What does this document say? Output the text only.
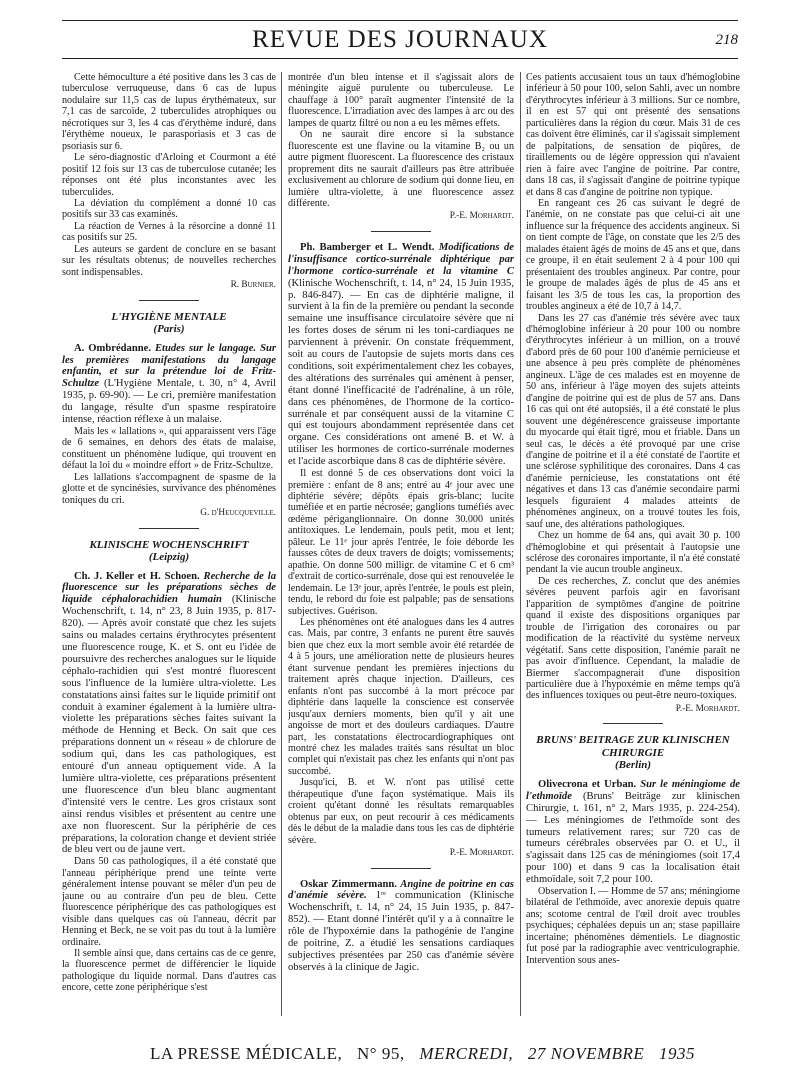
REVUE DES JOURNAUX	218

Cette hémoculture a été positive dans les 3 cas de tuberculose verruqueuse, dans 6 cas de lupus nodulaire sur 11,5 cas de lupus érythémateux, sur 7,1 cas de sarcoïde, 2 tuberculides atrophiques ou nécrotiques sur 3, les 4 cas d'érythème induré, dans l'érythème noueux, le parasporiasis et 3 cas de psoriasis sur 6.

Le séro-diagnostic d'Arloing et Courmont a été positif 12 fois sur 13 cas de tuberculose cutanée; les réponses ont été plus inconstantes avec les tuberculides.

La déviation du complément a donné 10 cas positifs sur 33 cas examinés.

La réaction de Vernes à la résorcine a donné 11 cas positifs sur 25.

Les auteurs se gardent de conclure en se basant sur les résultats obtenus; de nouvelles recherches sont indispensables.

R. Burnier.

L'HYGIÈNE MENTALE
(Paris)

A. Ombrédanne. Etudes sur le langage. Sur les premières manifestations du langage enfantin, et sur la prétendue loi de Fritz-Schultze (L'Hygiène Mentale, t. 30, n° 4, Avril 1935, p. 69-90). — Le cri, première manifestation du langage, résulte d'un spasme respiratoire intense, réaction réflexe à un malaise.

Mais les « lallations », qui apparaissent vers l'âge de 6 semaines, en dehors des états de malaise, constituent un phénomène ludique, qui trouvent en défaut la loi du « moindre effort » de Fritz-Schultze.

Les lallations s'accompagnent de spasme de la glotte et de syncinésies, survivance des phénomènes toniques du cri.

G. d'Heucqueville.

KLINISCHE WOCHENSCHRIFT
(Leipzig)

Ch. J. Keller et H. Schoen. Recherche de la fluorescence sur les préparations sèches de liquide céphalorachidien humain (Klinische Wochenschrift, t. 14, n° 23, 8 Juin 1935, p. 817-820). — Après avoir constaté que chez les sujets sains ou malades certains érythrocytes présentent une fluorescence rouge, K. et S. ont eu l'idée de poursuivre des recherches analogues sur le liquide céphalo-rachidien qui s'est montré fluorescent sous l'influence de la lumière ultra-violette. Les constatations ainsi faites sur le liquide primitif ont conduit à examiner également à la lumière ultra-violette les préparations sèches faites suivant la méthode de Henning et Beck. On sait que ces préparations donnent un « réseau » de chlorure de sodium qui, dans les cas pathologiques, est entouré d'un anneau optiquement vide. A la lumière ultra-violette, ces préparations présentent une fluorescence d'un bleu blanc augmentant d'intensité vers le centre. Les gros cristaux sont ainsi rendus visibles et présentent au centre une axe non fluorescent. Sur la périphérie de ces préparations, la coloration change et devient striée de bleu vert ou de jaune vert.

Dans 50 cas pathologiques, il a été constaté que l'anneau périphérique prend une teinte verte généralement intense pouvant se mêler d'un peu de jaune ou au contraire d'un peu de bleu. Cette fluorescence périphérique des cas pathologiques est visible dans quelques cas où l'anneau, décrit par Henning et Beck, ne se voit pas du tout à la lumière ordinaire.

Il semble ainsi que, dans certains cas de ce genre, la fluorescence permet de différencier le liquide pathologique du liquide normal. Dans d'autres cas encore, cette zone périphérique s'est

montrée d'un bleu intense et il s'agissait alors de méningite aiguë purulente ou tuberculeuse. Le chauffage à 100° paraît augmenter l'intensité de la fluorescence. L'irradiation avec des lampes à arc ou des lampes de quartz filtré ou non a eu les mêmes effets.

On ne saurait dire encore si la substance fluorescente est une flavine ou la vitamine B₂ ou un autre pigment fluorescent. La fluorescence des cristaux proprement dits ne saurait d'ailleurs pas être attribuée exclusivement au chlorure de sodium qui donne lieu, en lumière ultra-violette, à une fluorescence assez différente.

P.-E. Morhardt.

Ph. Bamberger et L. Wendt. Modifications de l'insuffisance cortico-surrénale diphtérique par l'hormone cortico-surrénale et la vitamine C (Klinische Wochenschrift, t. 14, n° 24, 15 Juin 1935, p. 846-847). — En cas de diphtérie maligne, il survient à la fin de la première ou pendant la seconde semaine une insuffisance circulatoire sévère que ni les fortes doses de sérum ni les toni-cardiaques ne parviennent à prévenir. On constate fréquemment, soit au cours de l'autopsie de sujets morts dans ces conditions, soit expérimentalement chez les cobayes, des altérations des surrénales qui amènent à penser, étant donné l'inefficacité de l'adrénaline, à un rôle, dans ces phénomènes, de l'hormone de la cortico-surrénale et par conséquent aussi de la vitamine C qui est toujours abondamment représentée dans cet organe. Ces considérations ont amené B. et W. à utiliser les hormones de cortico-surrénale modernes et l'acide ascorbique dans 8 cas de diphtérie sévère.

Il est donné 5 de ces observations dont voici la première : enfant de 8 ans; entré au 4ᵉ jour avec une diphtérie sévère; dépôts épais gris-blanc; lucite tuméfiée et en partie nécrosée; ganglions tuméfiés avec œdème périganglionnaire. On donne 30.000 unités antitoxiques. Le lendemain, pouls petit, mou et lent; pâleur. Le 11ᵉ jour après l'entrée, le foie déborde les fausses côtes de deux travers de doigts; vomissements; apathie. On donne 500 milligr. de vitamine C et 6 cm³ d'extrait de cortico-surrénale, dose qui est renouvelée le lendemain. Le 13ᵉ jour, après l'entrée, le pouls est plein, tendu, le rebord du foie est palpable; pas de sensations subjectives. Guérison.

Les phénomènes ont été analogues dans les 4 autres cas. Mais, par contre, 3 enfants ne purent être sauvés bien que chez eux la mort semble avoir été retardée de 4 à 5 jours, une amélioration nette de plusieurs heures étant survenue pendant les premières injections du traitement après chaque injection. D'ailleurs, ces enfants n'ont pas succombé à la mort précoce par diphtérie dans laquelle la conscience est conservée jusqu'aux derniers moments, bien qu'il y ait une angoisse de mort et des douleurs cardiaques. D'autre part, les constatations électrocardiographiques ont montré chez les malades traités sans résultat un bloc complet qui n'existait pas chez les enfants qui n'ont pas succombé.

Jusqu'ici, B. et W. n'ont pas utilisé cette thérapeutique d'une façon systématique. Mais ils croient qu'étant donné les résultats remarquables obtenus par eux, on peut recourir à ces médicaments dès le début de la maladie dans tous les cas de diphtérie sévère.

P.-E. Morhardt.

Oskar Zimmermann. Angine de poitrine en cas d'anémie sévère. 1ʳᵉ communication (Klinische Wochenschrift, t. 14, n° 24, 15 Juin 1935, p. 847-852). — Etant donné l'intérêt qu'il y a à connaître le rôle de l'hypoxémie dans la pathogénie de l'angine de poitrine, Z. a étudié les sensations cardiaques subjectives présentées par 250 cas d'anémie sévère observés à la clinique de Jagic.

Ces patients accusaient tous un taux d'hémoglobine inférieur à 50 pour 100, selon Sahli, avec un nombre d'érythrocytes inférieur à 3 millions. Sur ce nombre, il en est 57 qui ont présenté des sensations particulières dans la région du cœur. Mais 31 de ces cas doivent être éliminés, car il s'agissait simplement de palpitations, de sensation de piqûres, de tiraillements ou de légère oppression qui n'avaient rien à faire avec l'angine de poitrine. Par contre, dans 18 cas, il s'agissait d'angine de poitrine typique et dans 8 cas d'angine de poitrine non typique.

En rangeant ces 26 cas suivant le degré de l'anémie, on ne constate pas que celui-ci ait une influence sur la fréquence des accidents angineux. Si on tient compte de l'âge, on constate que les 2/5 des malades étaient âgés de moins de 45 ans et que, dans ce groupe, il en était seulement 2 à 4 pour 100 qui présentaient des troubles angineux. Par contre, pour le groupe de malades âgés de plus de 45 ans et faisant les 3/5 de tous les cas, la proportion des troubles angineux a été de 10,7 à 14,7.

Dans les 27 cas d'anémie très sévère avec taux d'hémoglobine inférieur à 20 pour 100 ou nombre d'érythrocytes inférieur à un million, on a trouvé d'abord près de 60 pour 100 d'anémie pernicieuse et une absence à peu près complète de phénomènes angineux. L'âge de ces malades est en moyenne de 50 ans, inférieur à l'âge moyen des sujets atteints d'angine de poitrine qui est de plus de 57 ans. Dans 16 cas qui ont été autopsiés, il a été constaté le plus souvent une dégénérescence graisseuse importante du myocarde qui était tigré, mou et friable. Dans un seul cas, le décès a été provoqué par une crise d'angine de poitrine et il a été constaté de l'aortite et une sclérose syphilitique des coronaires. Dans 4 cas d'anémie pernicieuse, les constatations ont été négatives et dans 13 cas d'anémie secondaire parmi lesquels figuraient 4 malades atteints de phénomènes angineux, on a trouvé toutes les fois, sauf une, des altérations pathologiques.

Chez un homme de 64 ans, qui avait 30 p. 100 d'hémoglobine et qui présentait à l'autopsie une sclérose des coronaires importante, il n'a été constaté pendant la vie aucun trouble angineux.

De ces recherches, Z. conclut que des anémies sévères peuvent parfois agir en favorisant l'apparition de symptômes d'angine de poitrine quand il existe des dispositions organiques par trouble de l'irrigation des coronaires ou par modification de la réactivité du système nerveux végétatif. Sans cette disposition, l'anémie paraît ne pas avoir d'influence. Cependant, la maladie de Biermer s'accompagnerait d'une disposition particulière due à l'hypoxémie en même temps qu'à des influences toxiques ou peut-être neuro-toxiques.

P.-E. Morhardt.

BRUNS' BEITRAGE ZUR KLINISCHEN CHIRURGIE
(Berlin)

Olivecrona et Urban. Sur le méningiome de l'ethmoïde (Bruns' Beiträge zur klinischen Chirurgie, t. 161, n° 2, Mars 1935, p. 224-254). — Les méningiomes de l'ethmoïde sont des tumeurs relativement rares; sur 720 cas de tumeurs cérébrales observées par O. et U., il s'agissait dans 125 cas de méningiomes (soit 17,4 pour 100) et dans 9 cas la localisation était ethmoïdale, soit 7,2 pour 100.

Observation I. — Homme de 57 ans; méningiome bilatéral de l'ethmoïde, avec anorexie depuis quatre ans; scotome central de l'œil droit avec troubles psychiques; céphalées depuis un an; stase papillaire incertaine; phénomènes démentiels. Le diagnostic fut posé par la radiographie avec ventriculographie. Intervention sous anes-

LA PRESSE MÉDICALE, N° 95, MERCREDI, 27 NOVEMBRE 1935
